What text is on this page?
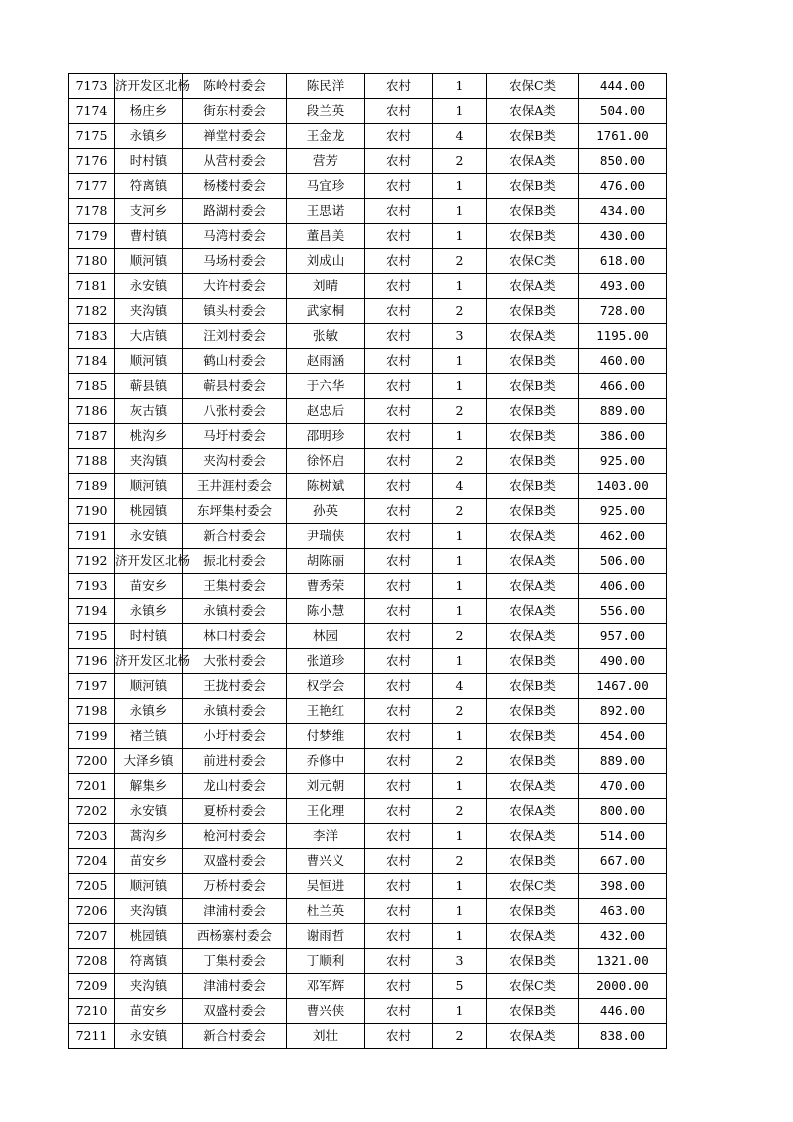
7173	济开发区北杨	陈岭村委会	陈民洋	农村	1	农保C类	444.00
7174	杨庄乡	街东村委会	段兰英	农村	1	农保A类	504.00
7175	永镇乡	禅堂村委会	王金龙	农村	4	农保B类	1761.00
7176	时村镇	从营村委会	营芳	农村	2	农保A类	850.00
7177	符离镇	杨楼村委会	马宜珍	农村	1	农保B类	476.00
7178	支河乡	路湖村委会	王思诺	农村	1	农保B类	434.00
7179	曹村镇	马湾村委会	董昌美	农村	1	农保B类	430.00
7180	顺河镇	马场村委会	刘成山	农村	2	农保C类	618.00
7181	永安镇	大许村委会	刘晴	农村	1	农保A类	493.00
7182	夹沟镇	镇头村委会	武家桐	农村	2	农保B类	728.00
7183	大店镇	汪刘村委会	张敏	农村	3	农保A类	1195.00
7184	顺河镇	鹤山村委会	赵雨涵	农村	1	农保B类	460.00
7185	蕲县镇	蕲县村委会	于六华	农村	1	农保B类	466.00
7186	灰古镇	八张村委会	赵忠后	农村	2	农保B类	889.00
7187	桃沟乡	马圩村委会	邵明珍	农村	1	农保B类	386.00
7188	夹沟镇	夹沟村委会	徐怀启	农村	2	农保B类	925.00
7189	顺河镇	王井涯村委会	陈树斌	农村	4	农保B类	1403.00
7190	桃园镇	东坪集村委会	孙英	农村	2	农保B类	925.00
7191	永安镇	新合村委会	尹瑞侠	农村	1	农保A类	462.00
7192	济开发区北杨	振北村委会	胡陈丽	农村	1	农保A类	506.00
7193	苗安乡	王集村委会	曹秀荣	农村	1	农保A类	406.00
7194	永镇乡	永镇村委会	陈小慧	农村	1	农保A类	556.00
7195	时村镇	林口村委会	林园	农村	2	农保A类	957.00
7196	济开发区北杨	大张村委会	张道珍	农村	1	农保B类	490.00
7197	顺河镇	王拢村委会	权学会	农村	4	农保B类	1467.00
7198	永镇乡	永镇村委会	王艳红	农村	2	农保B类	892.00
7199	褚兰镇	小圩村委会	付梦维	农村	1	农保B类	454.00
7200	大泽乡镇	前进村委会	乔修中	农村	2	农保B类	889.00
7201	解集乡	龙山村委会	刘元朝	农村	1	农保A类	470.00
7202	永安镇	夏桥村委会	王化理	农村	2	农保A类	800.00
7203	蒿沟乡	枪河村委会	李洋	农村	1	农保A类	514.00
7204	苗安乡	双盛村委会	曹兴义	农村	2	农保B类	667.00
7205	顺河镇	万桥村委会	吴恒进	农村	1	农保C类	398.00
7206	夹沟镇	津浦村委会	杜兰英	农村	1	农保B类	463.00
7207	桃园镇	西杨寨村委会	谢雨哲	农村	1	农保A类	432.00
7208	符离镇	丁集村委会	丁顺利	农村	3	农保B类	1321.00
7209	夹沟镇	津浦村委会	邓军辉	农村	5	农保C类	2000.00
7210	苗安乡	双盛村委会	曹兴侠	农村	1	农保B类	446.00
7211	永安镇	新合村委会	刘壮	农村	2	农保A类	838.00
